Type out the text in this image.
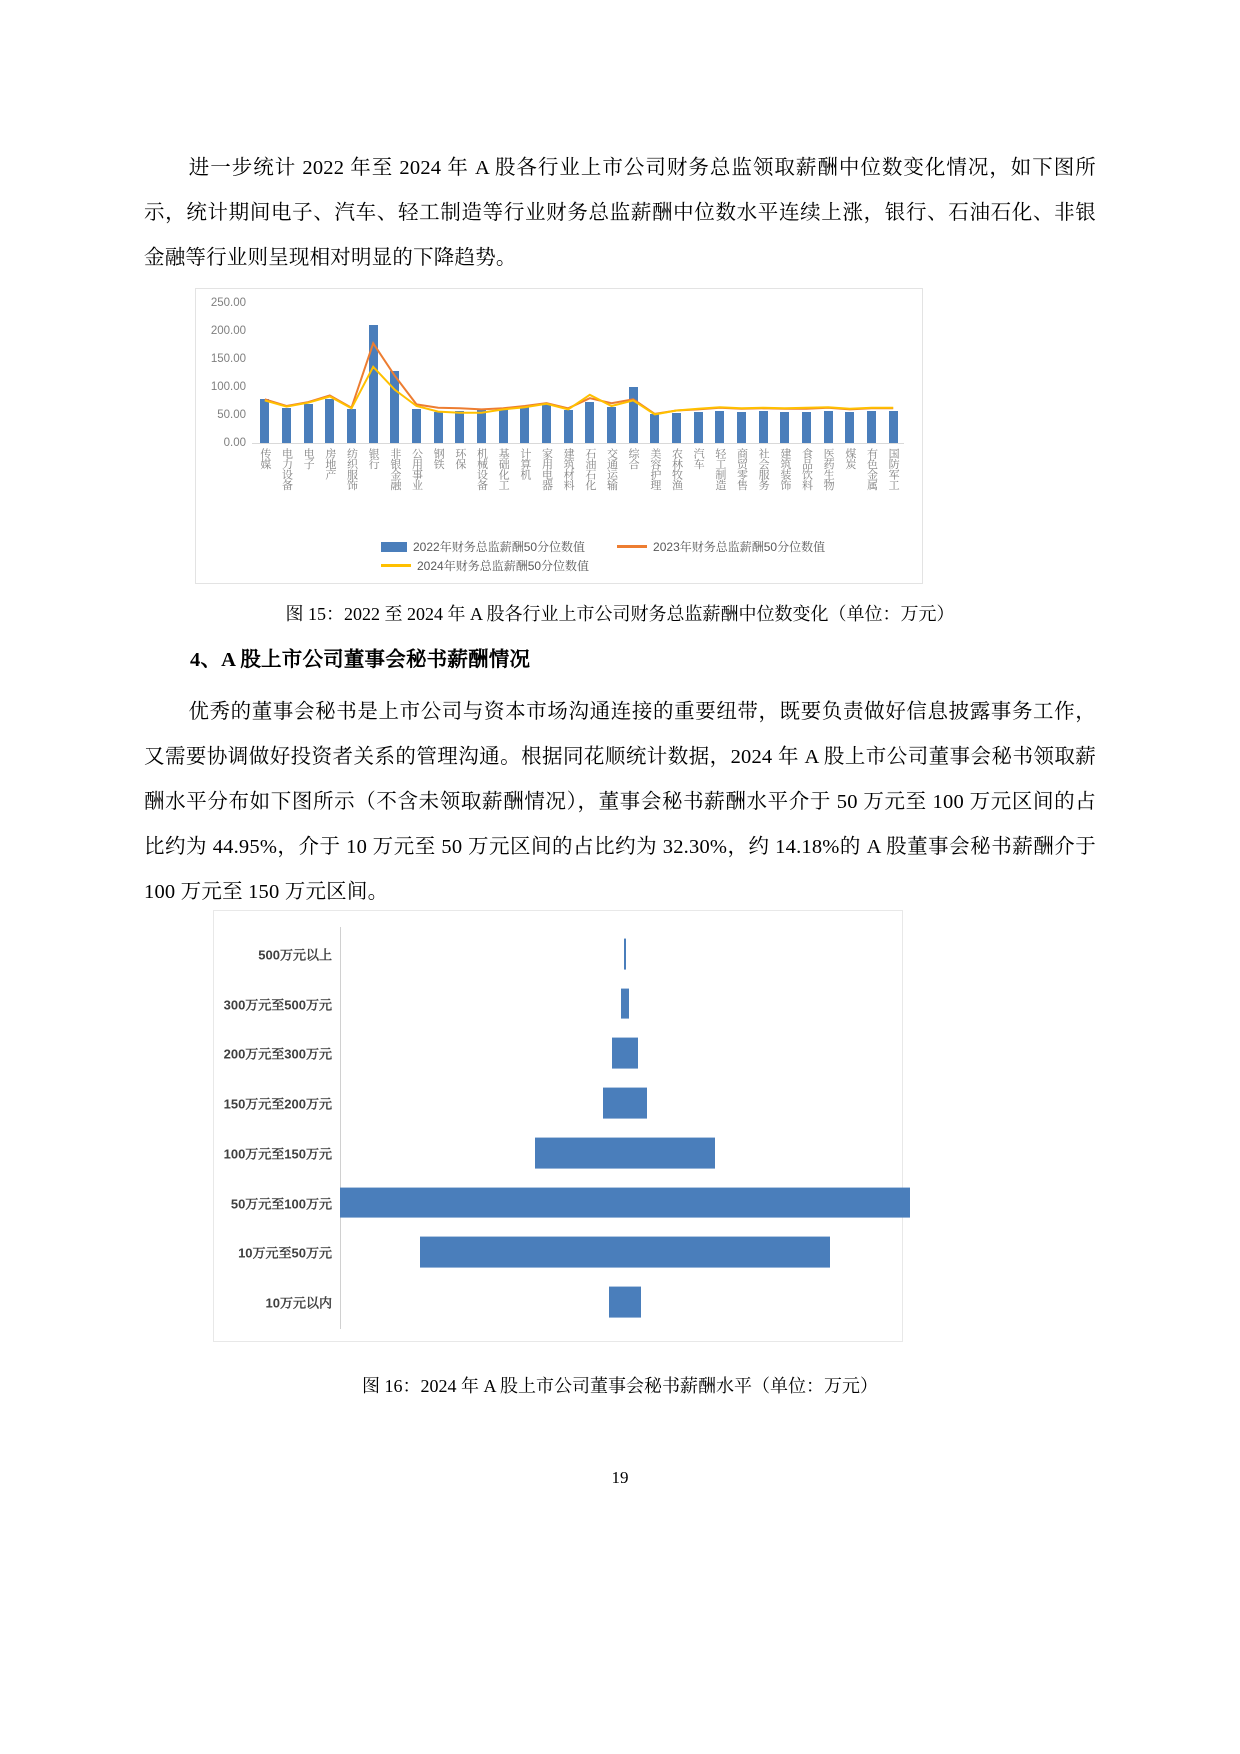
进一步统计 2022 年至 2024 年 A 股各行业上市公司财务总监领取薪酬中位数变化情况，如下图所示，统计期间电子、汽车、轻工制造等行业财务总监薪酬中位数水平连续上涨，银行、石油石化、非银金融等行业则呈现相对明显的下降趋势。
0.00
50.00
100.00
150.00
200.00
250.00
传媒 电力设备 电子 房地产 纺织服饰 银行 非银金融 公用事业 钢铁 环保 机械设备 基础化工 计算机 家用电器 建筑材料 石油石化 交通运输 综合 美容护理 农林牧渔 汽车 轻工制造 商贸零售 社会服务 建筑装饰 食品饮料 医药生物 煤炭 有色金属 国防军工
2022年财务总监薪酬50分位数值	2023年财务总监薪酬50分位数值
2024年财务总监薪酬50分位数值
图 15：2022 至 2024 年 A 股各行业上市公司财务总监薪酬中位数变化（单位：万元）
4、A 股上市公司董事会秘书薪酬情况
优秀的董事会秘书是上市公司与资本市场沟通连接的重要纽带，既要负责做好信息披露事务工作，又需要协调做好投资者关系的管理沟通。根据同花顺统计数据，2024 年 A 股上市公司董事会秘书领取薪酬水平分布如下图所示（不含未领取薪酬情况），董事会秘书薪酬水平介于 50 万元至 100 万元区间的占比约为 44.95%，介于 10 万元至 50 万元区间的占比约为 32.30%，约 14.18%的 A 股董事会秘书薪酬介于 100 万元至 150 万元区间。
500万元以上
300万元至500万元
200万元至300万元
150万元至200万元
100万元至150万元
50万元至100万元
10万元至50万元
10万元以内
图 16：2024 年 A 股上市公司董事会秘书薪酬水平（单位：万元）
19
